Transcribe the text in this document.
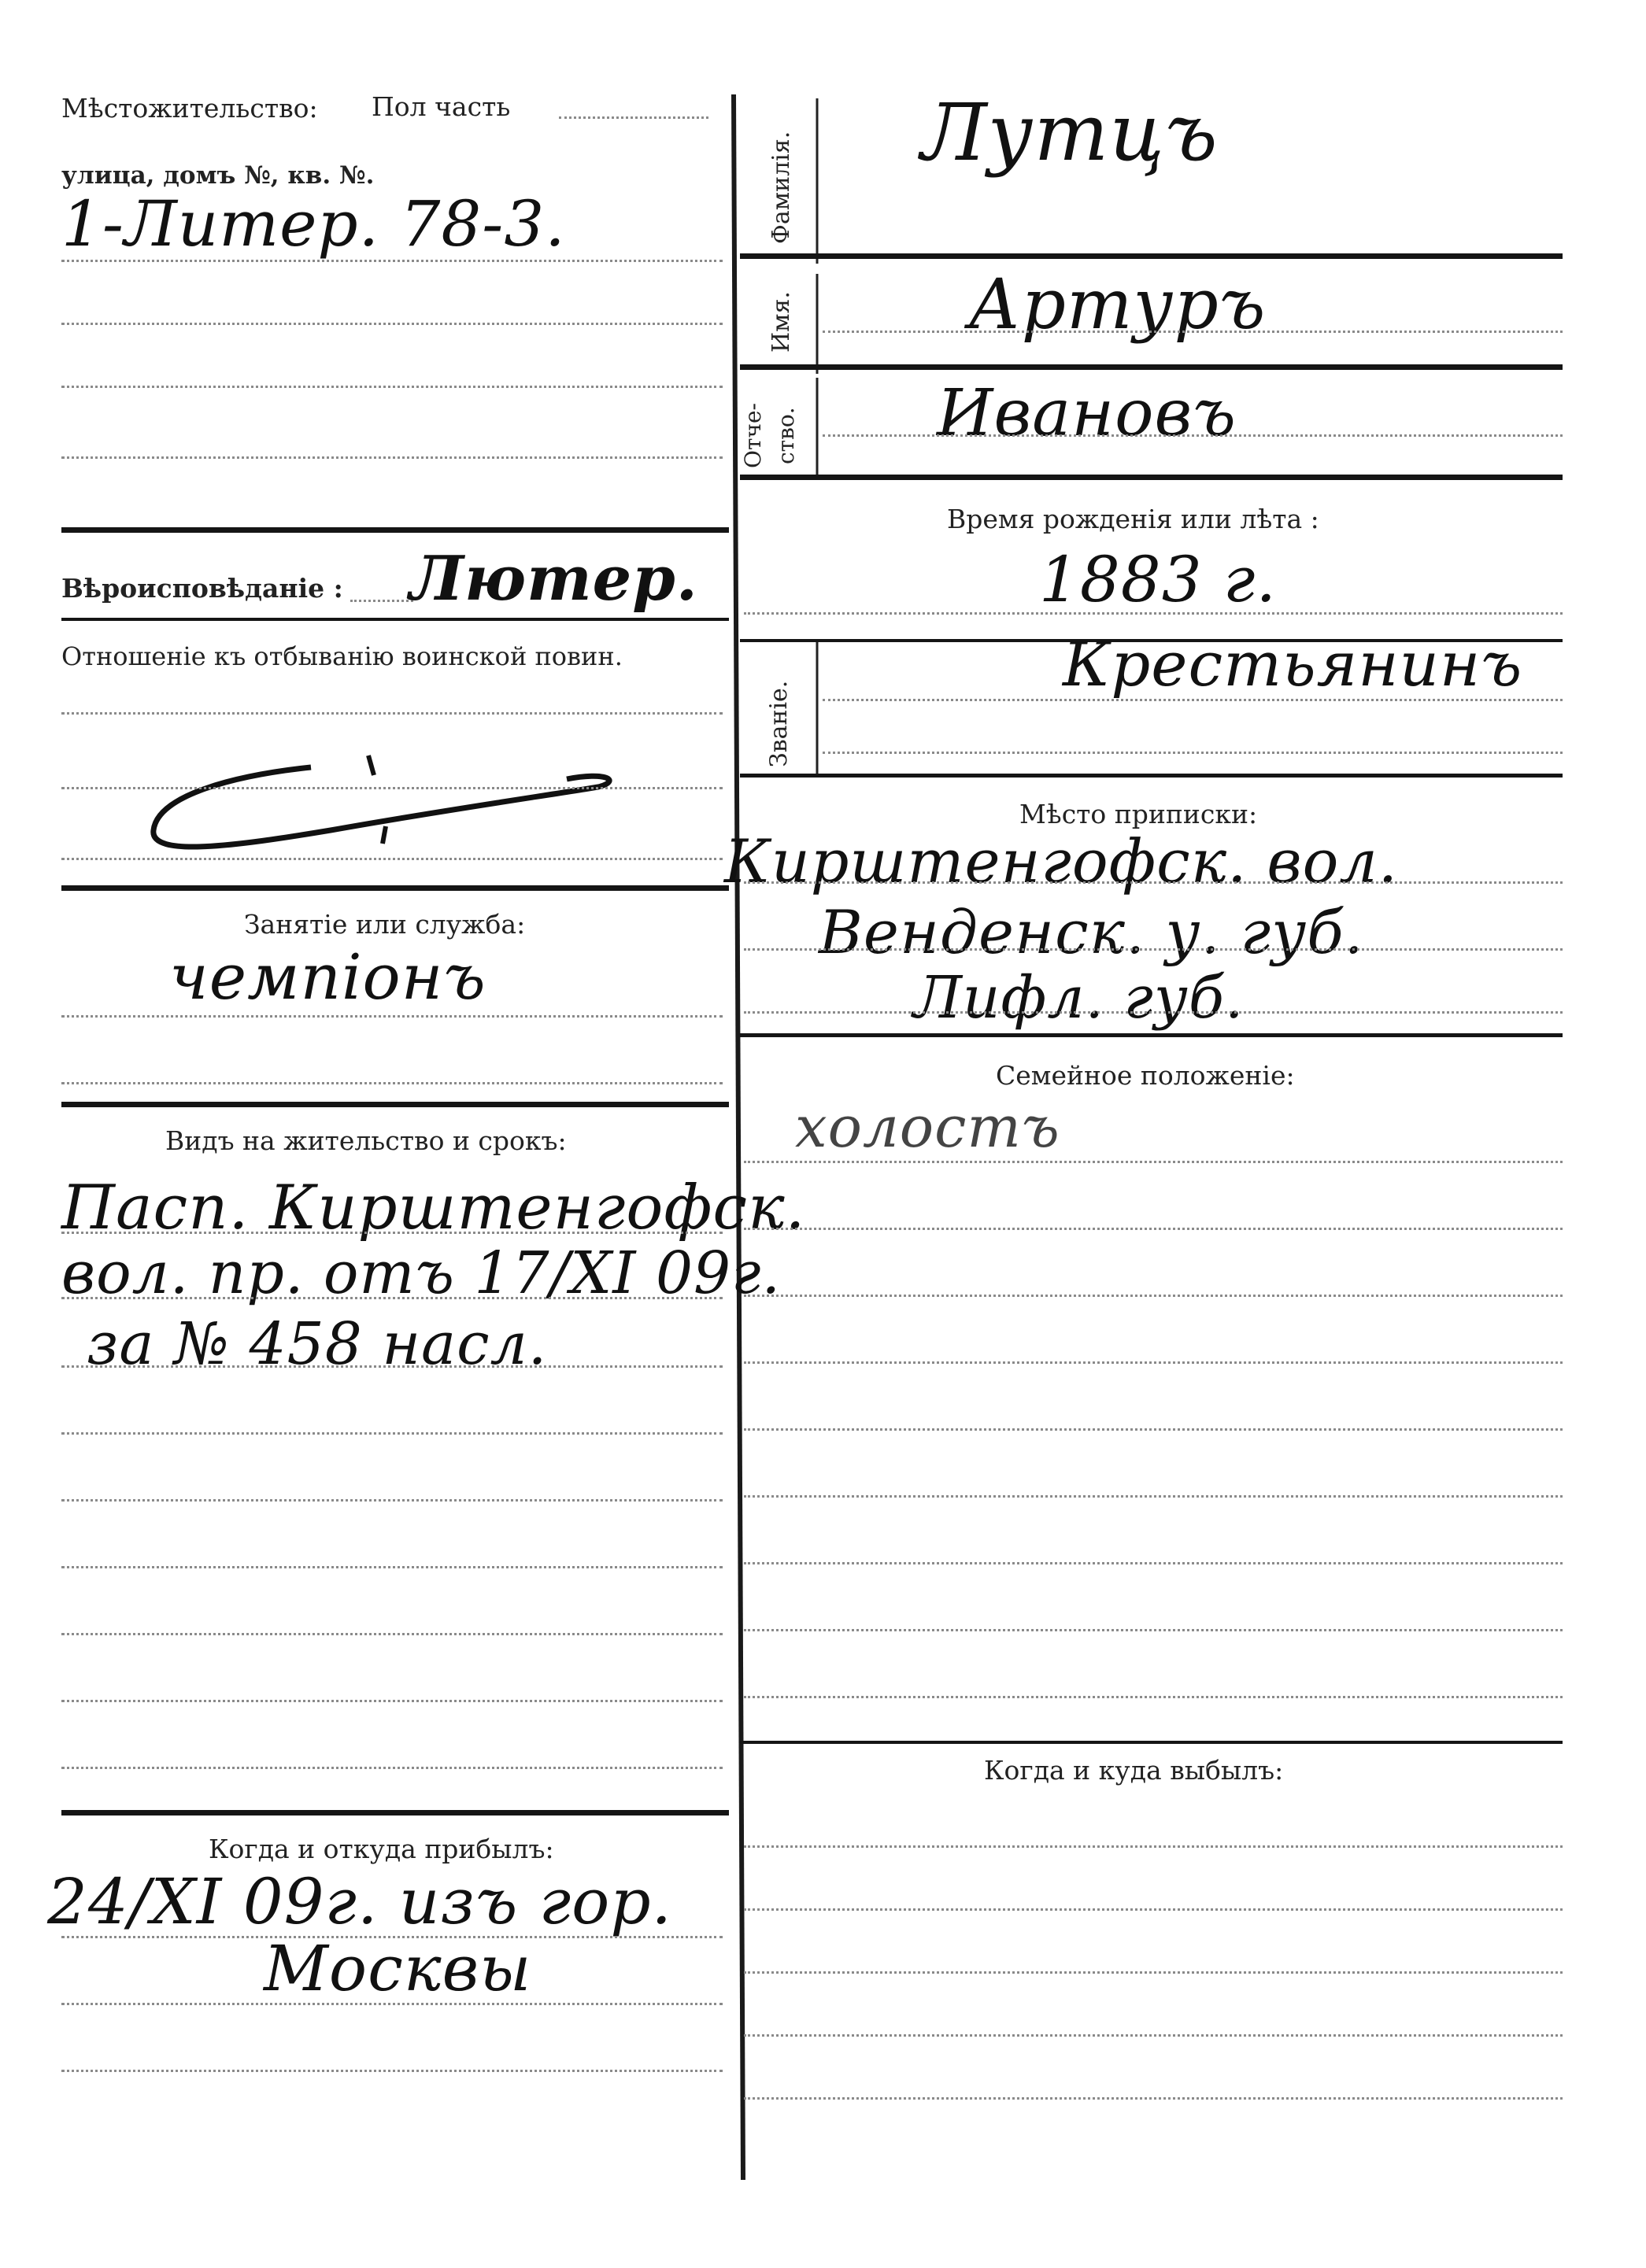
Мѣстожительство: Пол часть
улица, домъ №, кв. №.
1-Литер. 78-3.
Вѣроисповѣданіе : Лютер.
Отношеніе къ отбыванію воинской повин.
Занятіе или служба:
чемпіонъ
Видъ на жительство и срокъ:
Пасп. Кирштенгофск.
вол. пр. отъ 17/XI 09г.
за № 458 насл.
Когда и откуда прибылъ:
24/XI 09г. изъ гор.
Москвы
Фамилія. Лутцъ
Имя.	Артуръ
Отче- ство. Ивановъ
Время рожденія или лѣта :
1883 г.
Званіе.
Крестьянинъ
Мѣсто приписки:
Кирштенгофск. вол.
Венденск. у. губ.
Лифл. губ.
Семейное положеніе:
холостъ
Когда и куда выбылъ:
